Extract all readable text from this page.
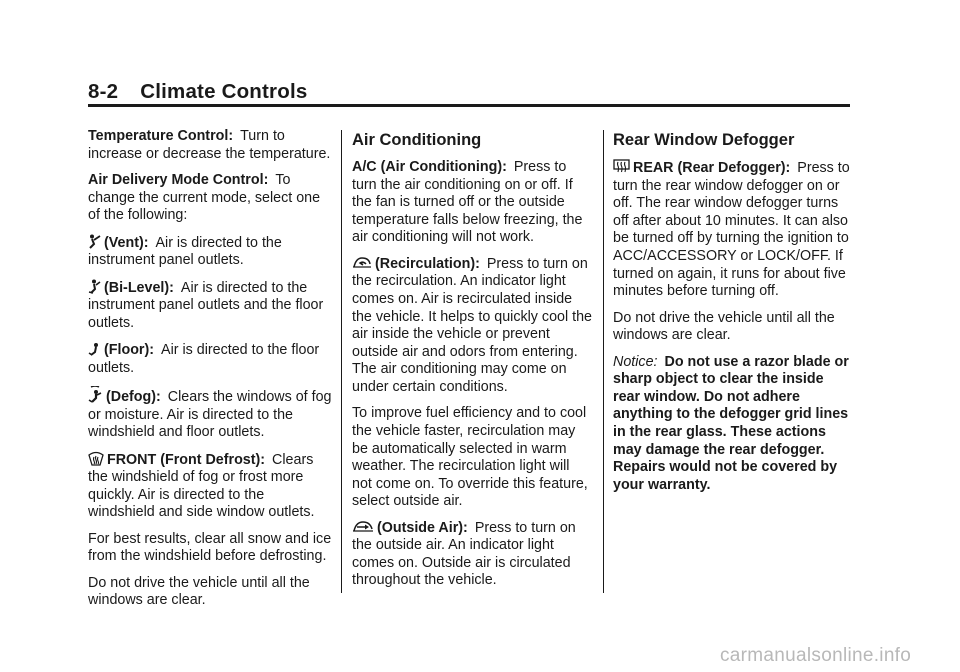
8-2 Climate Controls

Temperature Control: Turn to increase or decrease the temperature.

Air Delivery Mode Control: To change the current mode, select one of the following:

(Vent): Air is directed to the instrument panel outlets.

(Bi-Level): Air is directed to the instrument panel outlets and the floor outlets.

(Floor): Air is directed to the floor outlets.

(Defog): Clears the windows of fog or moisture. Air is directed to the windshield and floor outlets.

FRONT (Front Defrost): Clears the windshield of fog or frost more quickly. Air is directed to the windshield and side window outlets.

For best results, clear all snow and ice from the windshield before defrosting.

Do not drive the vehicle until all the windows are clear.

Air Conditioning

A/C (Air Conditioning): Press to turn the air conditioning on or off. If the fan is turned off or the outside temperature falls below freezing, the air conditioning will not work.

(Recirculation): Press to turn on the recirculation. An indicator light comes on. Air is recirculated inside the vehicle. It helps to quickly cool the air inside the vehicle or prevent outside air and odors from entering. The air conditioning may come on under certain conditions.

To improve fuel efficiency and to cool the vehicle faster, recirculation may be automatically selected in warm weather. The recirculation light will not come on. To override this feature, select outside air.

(Outside Air): Press to turn on the outside air. An indicator light comes on. Outside air is circulated throughout the vehicle.

Rear Window Defogger

REAR (Rear Defogger): Press to turn the rear window defogger on or off. The rear window defogger turns off after about 10 minutes. It can also be turned off by turning the ignition to ACC/ACCESSORY or LOCK/OFF. If turned on again, it runs for about five minutes before turning off.

Do not drive the vehicle until all the windows are clear.

Notice: Do not use a razor blade or sharp object to clear the inside rear window. Do not adhere anything to the defogger grid lines in the rear glass. These actions may damage the rear defogger. Repairs would not be covered by your warranty.

carmanualsonline.info
